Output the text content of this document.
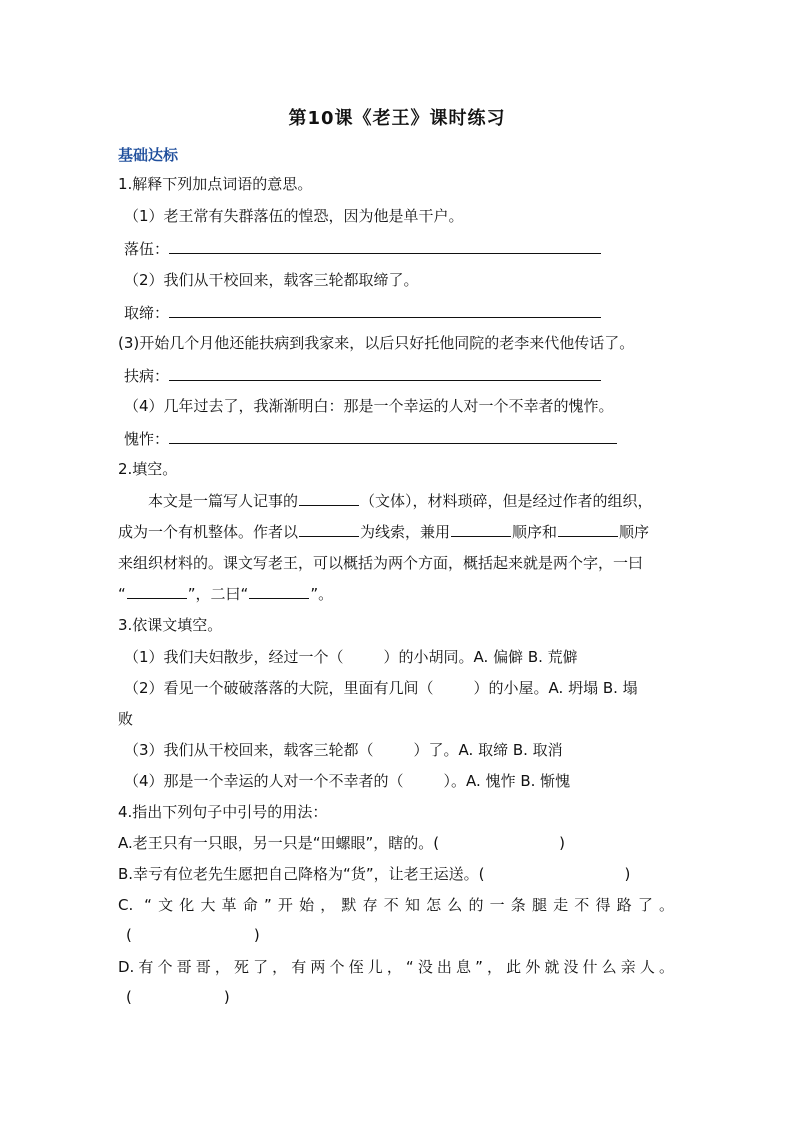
第10课《老王》课时练习
基础达标
1.解释下列加点词语的意思。
（1）老王常有失群落伍的惶恐，因为他是单干户。
落伍：
（2）我们从干校回来，载客三轮都取缔了。
取缔：
(3)开始几个月他还能扶病到我家来，以后只好托他同院的老李来代他传话了。
扶病：
（4）几年过去了，我渐渐明白：那是一个幸运的人对一个不幸者的愧怍。
愧怍：
2.填空。
本文是一篇写人记事的	（文体），材料琐碎，但是经过作者的组织，
成为一个有机整体。作者以	为线索，兼用	顺序和	顺序
来组织材料的。课文写老王，可以概括为两个方面，概括起来就是两个字，一曰
“	”，二曰“	”。
3.依课文填空。
（1）我们夫妇散步，经过一个（	）的小胡同。A. 偏僻 B. 荒僻
（2）看见一个破破落落的大院，里面有几间（	）的小屋。A. 坍塌 B. 塌
败
（3）我们从干校回来，载客三轮都（	）了。A. 取缔 B. 取消
（4）那是一个幸运的人对一个不幸者的（	）。A. 愧怍 B. 惭愧
4.指出下列句子中引号的用法：
A.老王只有一只眼，另一只是“田螺眼”，瞎的。(	)
B.幸亏有位老先生愿把自己降格为“货”，让老王运送。(	)
C. “文化大革命”开始，默存不知怎么的一条腿走不得路了。
(	)
D.有个哥哥，死了，有两个侄儿，“没出息”，此外就没什么亲人。
(	)
